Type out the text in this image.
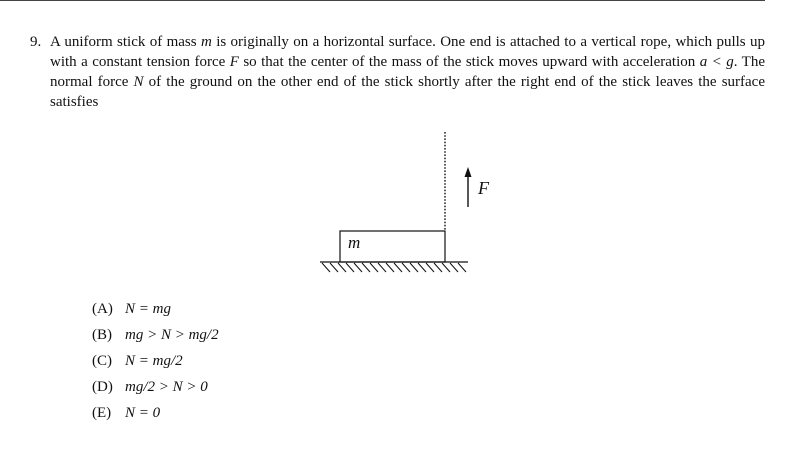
9. A uniform stick of mass m is originally on a horizontal surface. One end is attached to a vertical rope, which pulls up with a constant tension force F so that the center of the mass of the stick moves upward with acceleration a < g. The normal force N of the ground on the other end of the stick shortly after the right end of the stick leaves the surface satisfies
m
F
(A) N = mg
(B) mg > N > mg/2
(C) N = mg/2
(D) mg/2 > N > 0
(E) N = 0
